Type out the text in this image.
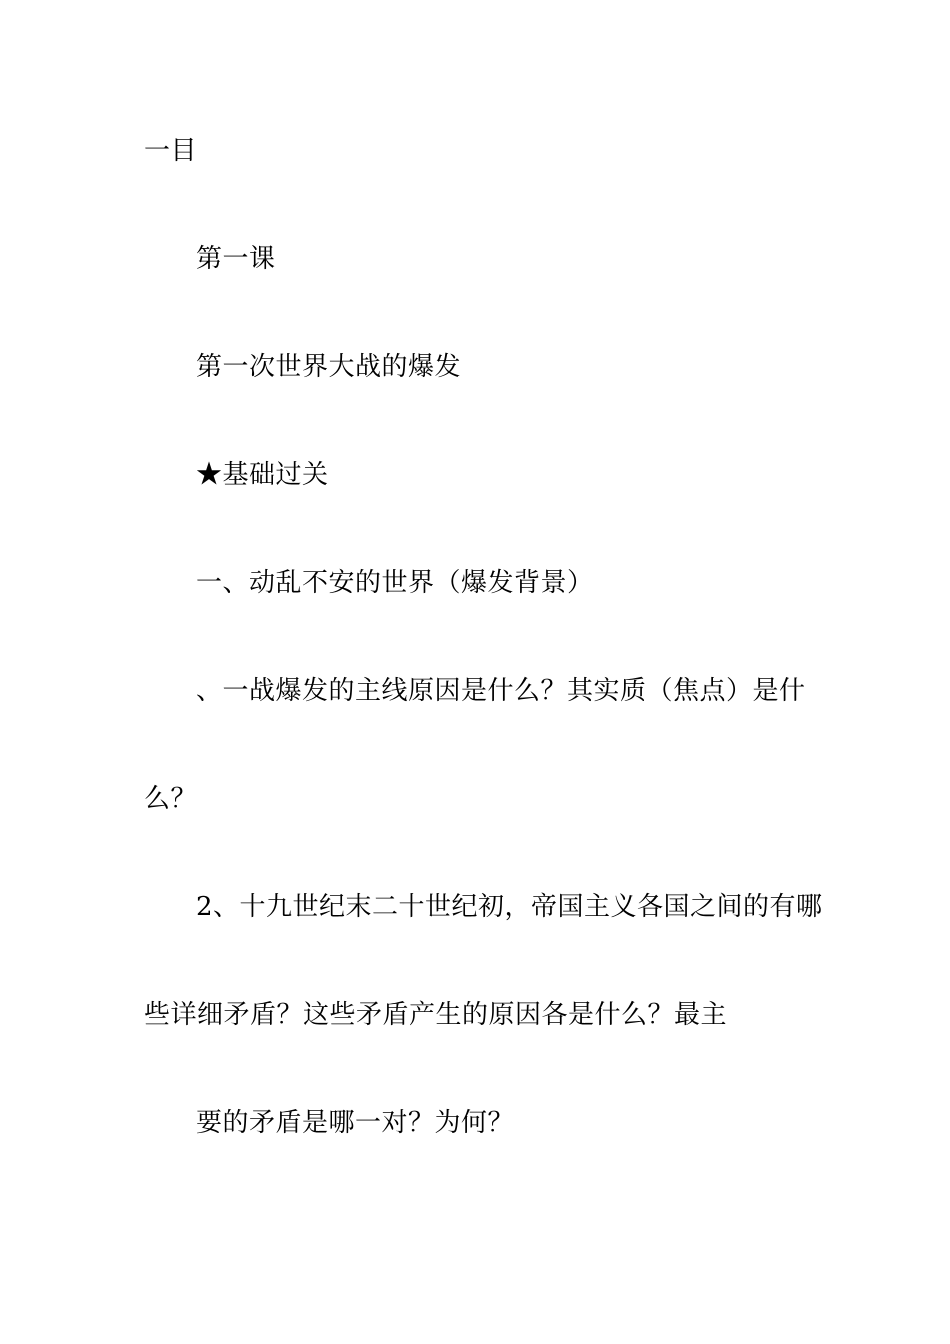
一目
第一课
第一次世界大战的爆发
★基础过关
一、动乱不安的世界（爆发背景）
、一战爆发的主线原因是什么？其实质（焦点）是什
么？
2、十九世纪末二十世纪初，帝国主义各国之间的有哪
些详细矛盾？这些矛盾产生的原因各是什么？最主
要的矛盾是哪一对？为何？
